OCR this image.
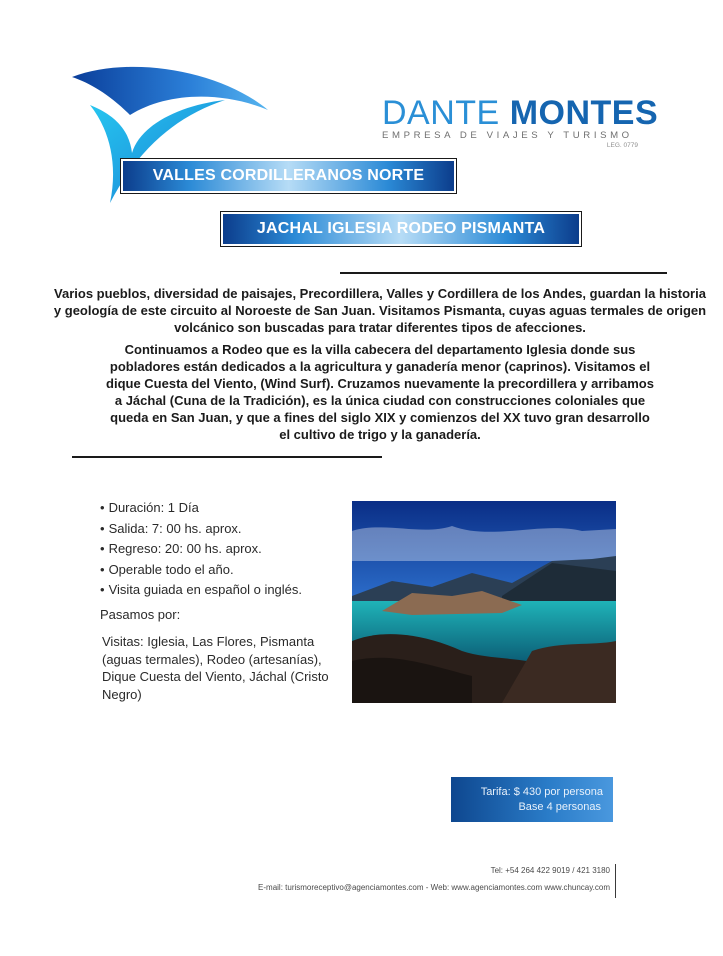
DANTE MONTES
EMPRESA DE VIAJES Y TURISMO
LEG. 0779
VALLES CORDILLERANOS NORTE
JACHAL IGLESIA RODEO PISMANTA

Varios pueblos, diversidad de paisajes, Precordillera, Valles y Cordillera de los Andes, guardan la historia y geología de este circuito al Noroeste de San Juan. Visitamos Pismanta, cuyas aguas termales de origen volcánico son buscadas para tratar diferentes tipos de afecciones.

Continuamos a Rodeo que es la villa cabecera del departamento Iglesia donde sus pobladores están dedicados a la agricultura y ganadería menor (caprinos). Visitamos el dique Cuesta del Viento, (Wind Surf). Cruzamos nuevamente la precordillera y arribamos a Jáchal (Cuna de la Tradición), es la única ciudad con construcciones coloniales que queda en San Juan, y que a fines del siglo XIX y comienzos del XX tuvo gran desarrollo el cultivo de trigo y la ganadería.

• Duración: 1 Día
• Salida: 7: 00 hs. aprox.
• Regreso: 20: 00 hs. aprox.
• Operable todo el año.
• Visita guiada en español o inglés.
Pasamos por:
Visitas: Iglesia, Las Flores, Pismanta (aguas termales), Rodeo (artesanías), Dique Cuesta del Viento, Jáchal (Cristo Negro)
Tarifa: $ 430 por persona
Base 4 personas
Tel: +54 264 422 9019 / 421 3180
E-mail: turismoreceptivo@agenciamontes.com - Web: www.agenciamontes.com www.chuncay.com
